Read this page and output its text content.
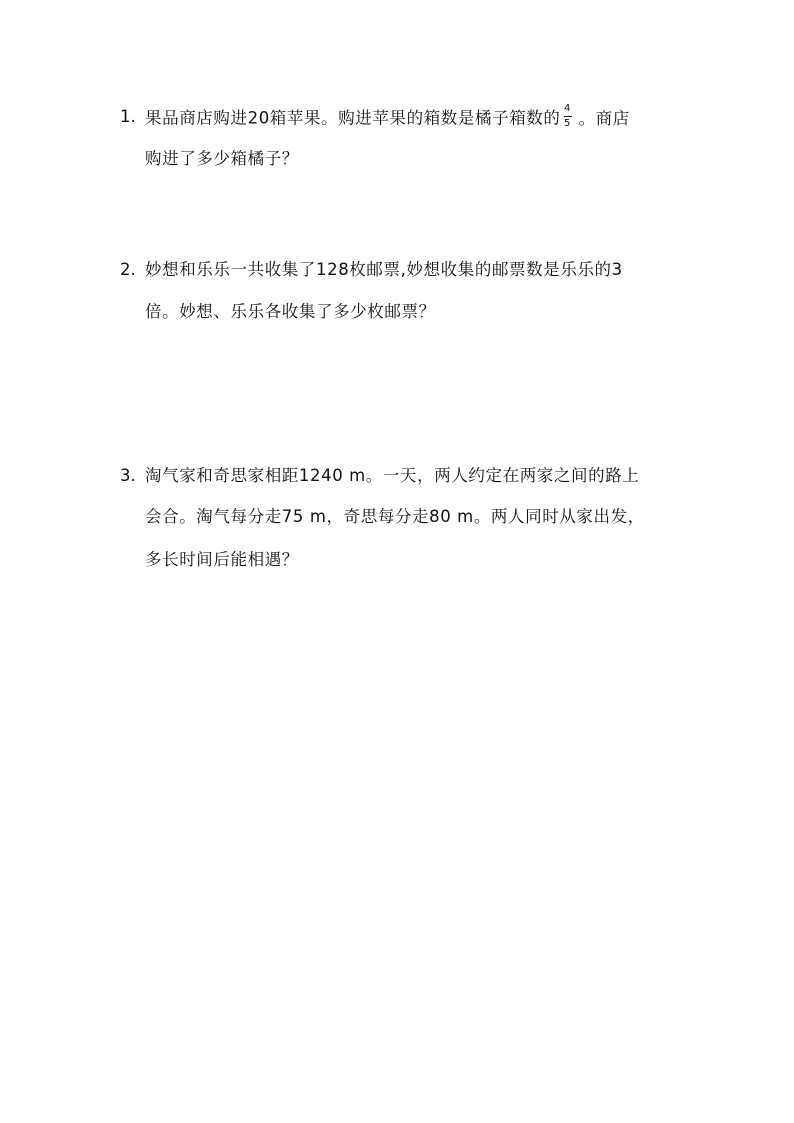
1. 果品商店购进20箱苹果。购进苹果的箱数是橘子箱数的 $\frac{4}{5}$ 。商店
购进了多少箱橘子？
2. 妙想和乐乐一共收集了128枚邮票,妙想收集的邮票数是乐乐的3
倍。妙想、乐乐各收集了多少枚邮票？
3. 淘气家和奇思家相距1240 m。一天，两人约定在两家之间的路上
会合。淘气每分走75 m，奇思每分走80 m。两人同时从家出发，
多长时间后能相遇？
